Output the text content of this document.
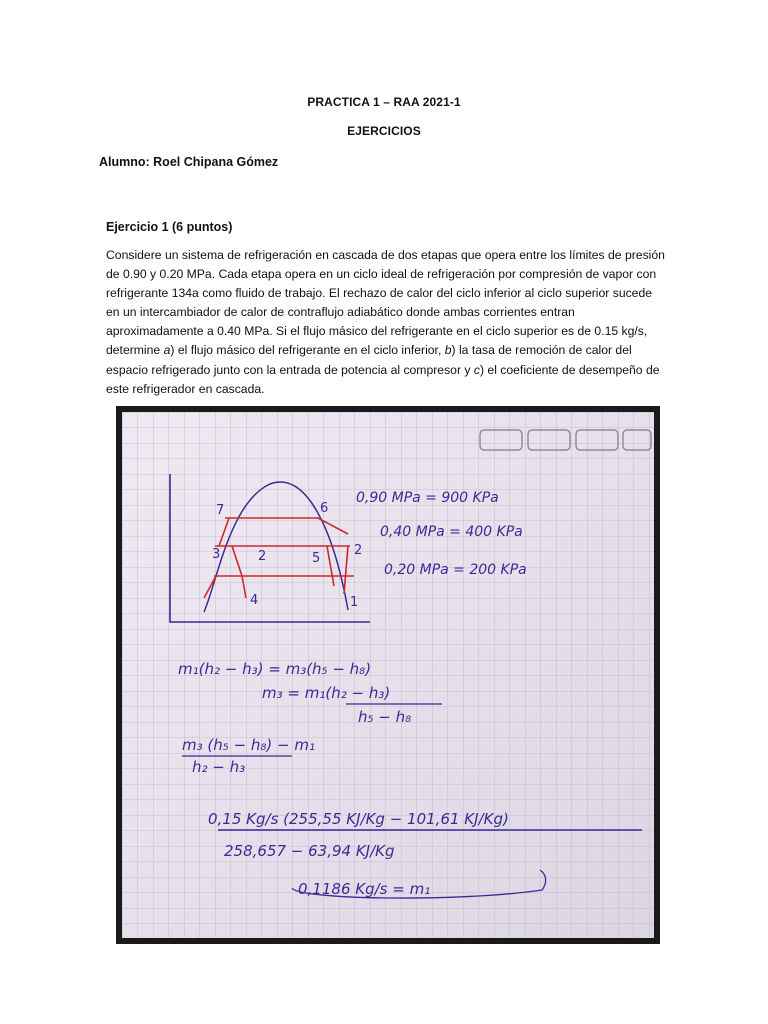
PRACTICA 1 – RAA 2021-1
EJERCICIOS
Alumno: Roel Chipana Gómez
Ejercicio 1 (6 puntos)

Considere un sistema de refrigeración en cascada de dos etapas que opera entre los límites de presión de 0.90 y 0.20 MPa. Cada etapa opera en un ciclo ideal de refrigeración por compresión de vapor con refrigerante 134a como fluido de trabajo. El rechazo de calor del ciclo inferior al ciclo superior sucede en un intercambiador de calor de contraflujo adiabático donde ambas corrientes entran aproximadamente a 0.40 MPa. Si el flujo másico del refrigerante en el ciclo superior es de 0.15 kg/s, determine a) el flujo másico del refrigerante en el ciclo inferior, b) la tasa de remoción de calor del espacio refrigerado junto con la entrada de potencia al compresor y c) el coeficiente de desempeño de este refrigerador en cascada.

7	6
3	2	5
2
4	1
0,90 MPa = 900 KPa
0,40 MPa = 400 KPa
0,20 MPa = 200 KPa
m₁(h₂ − h₃) = m₃(h₅ − h₈)
m₃ = m₁(h₂ − h₃)
h₅ − h₈
m₃ (h₅ − h₈) − m₁
h₂ − h₃
0,15 Kg/s (255,55 KJ/Kg − 101,61 KJ/Kg)
258,657 − 63,94 KJ/Kg
0,1186 Kg/s = m₁
